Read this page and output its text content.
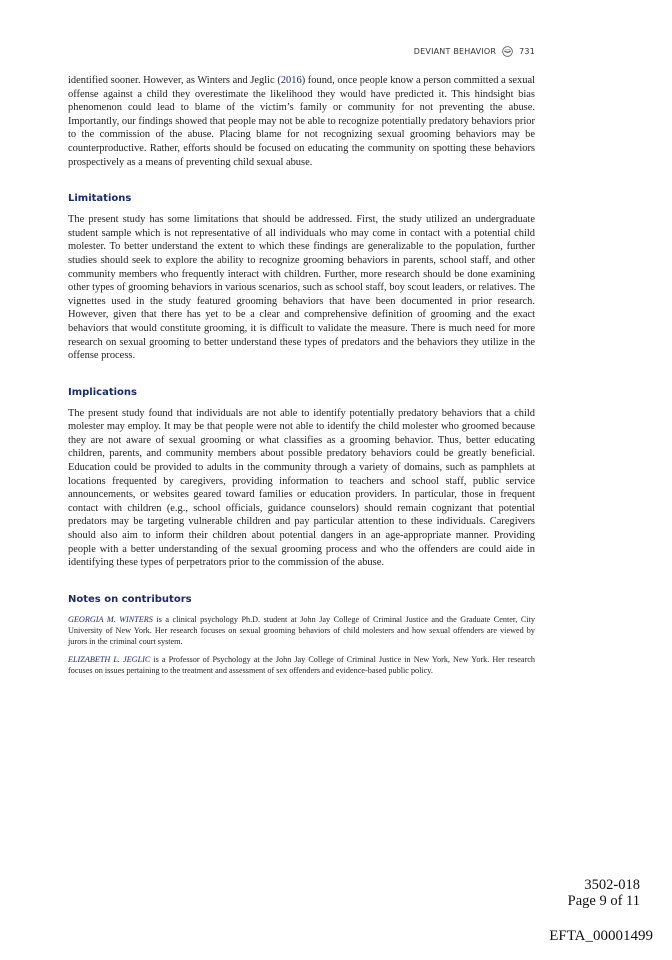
DEVIANT BEHAVIOR	731

identified sooner. However, as Winters and Jeglic (2016) found, once people know a person committed a sexual offense against a child they overestimate the likelihood they would have predicted it. This hindsight bias phenomenon could lead to blame of the victim’s family or community for not preventing the abuse. Importantly, our findings showed that people may not be able to recognize potentially predatory behaviors prior to the commission of the abuse. Placing blame for not recognizing sexual grooming behaviors may be counterproductive. Rather, efforts should be focused on educating the community on spotting these behaviors prospectively as a means of preventing child sexual abuse.

Limitations

The present study has some limitations that should be addressed. First, the study utilized an undergraduate student sample which is not representative of all individuals who may come in contact with a potential child molester. To better understand the extent to which these findings are generalizable to the population, further studies should seek to explore the ability to recognize grooming behaviors in parents, school staff, and other community members who frequently interact with children. Further, more research should be done examining other types of grooming behaviors in various scenarios, such as school staff, boy scout leaders, or relatives. The vignettes used in the study featured grooming behaviors that have been documented in prior research. However, given that there has yet to be a clear and comprehensive definition of grooming and the exact behaviors that would constitute grooming, it is difficult to validate the measure. There is much need for more research on sexual grooming to better understand these types of predators and the behaviors they utilize in the offense process.

Implications

The present study found that individuals are not able to identify potentially predatory behaviors that a child molester may employ. It may be that people were not able to identify the child molester who groomed because they are not aware of sexual grooming or what classifies as a grooming behavior. Thus, better educating children, parents, and community members about possible predatory behaviors could be greatly beneficial. Education could be provided to adults in the community through a variety of domains, such as pamphlets at locations frequented by caregivers, providing information to teachers and school staff, public service announcements, or websites geared toward families or education providers. In particular, those in frequent contact with children (e.g., school officials, guidance counselors) should remain cognizant that potential predators may be targeting vulnerable children and pay particular attention to these individuals. Caregivers should also aim to inform their children about potential dangers in an age-appropriate manner. Providing people with a better understanding of the sexual grooming process and who the offenders are could aide in identifying these types of perpetrators prior to the commission of the abuse.

Notes on contributors

GEORGIA M. WINTERS is a clinical psychology Ph.D. student at John Jay College of Criminal Justice and the Graduate Center, City University of New York. Her research focuses on sexual grooming behaviors of child molesters and how sexual offenders are viewed by jurors in the criminal court system.

ELIZABETH L. JEGLIC is a Professor of Psychology at the John Jay College of Criminal Justice in New York, New York. Her research focuses on issues pertaining to the treatment and assessment of sex offenders and evidence-based public policy.

3502-018
Page 9 of 11
EFTA_00001499
